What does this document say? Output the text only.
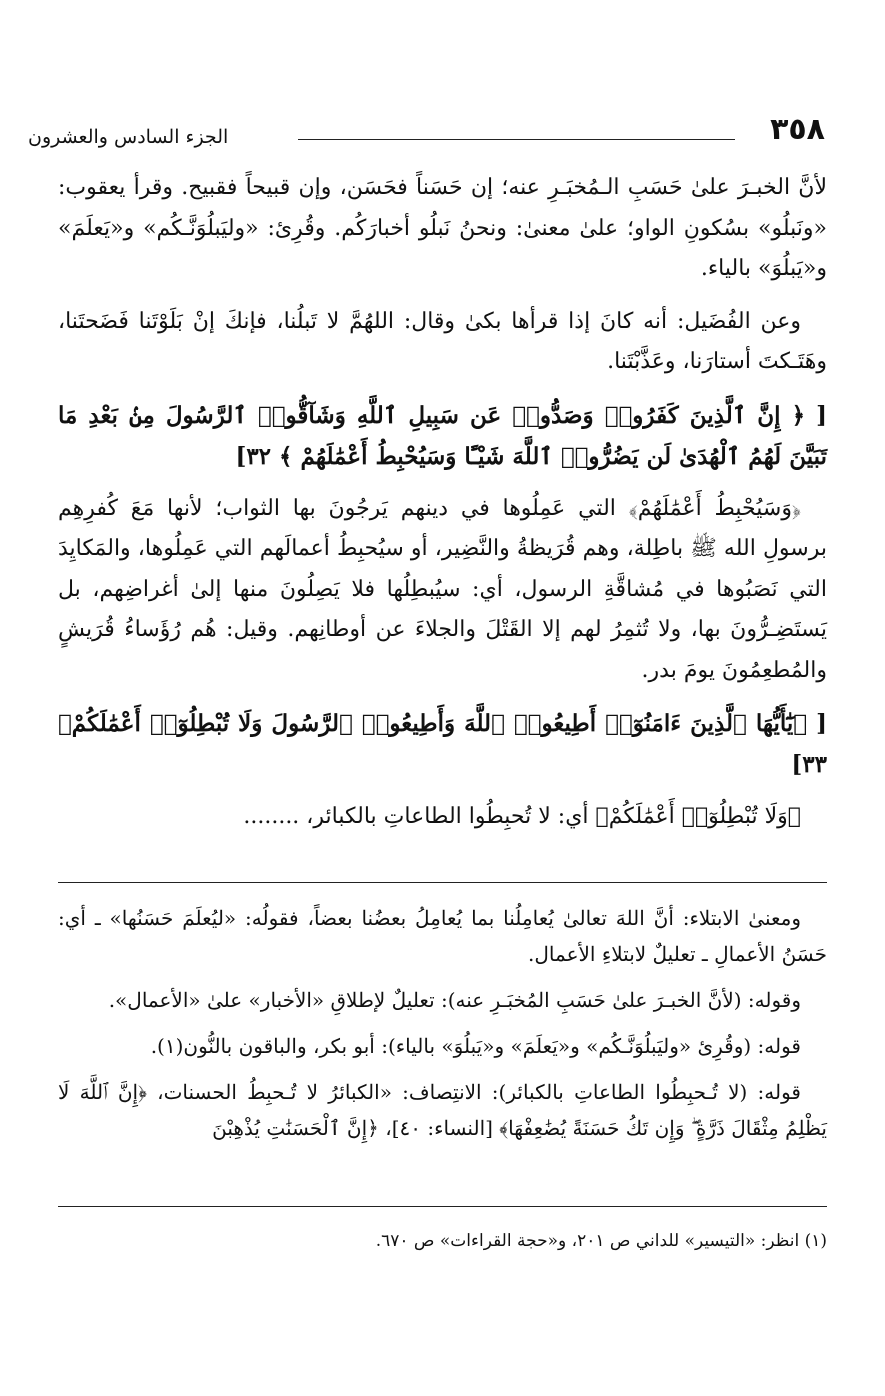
٣٥٨
الجزء السادس والعشرون

لأنَّ الخبـرَ علىٰ حَسَبِ الـمُخبَـرِ عنه؛ إن حَسَناً فحَسَن، وإن قبيحاً فقبيح. وقرأ يعقوب: «ونَبلُو» بسُكونِ الواو؛ علىٰ معنىٰ: ونحنُ نَبلُو أخبارَكُم. وقُرِئ: «وليَبلُوَنَّـكُم» و«يَعلَمَ» و«يَبلُوَ» بالياء.

وعن الفُضَيل: أنه كانَ إذا قرأها بكىٰ وقال: اللهُمَّ لا تَبلُنا، فإنكَ إنْ بَلَوْتَنا فَضَحتَنا، وهَتَـكتَ أستارَنا، وعَذَّبْتَنا.

[ ﴿ إِنَّ ٱلَّذِينَ كَفَرُوا۟ وَصَدُّوا۟ عَن سَبِيلِ ٱللَّهِ وَشَآقُّوا۟ ٱلرَّسُولَ مِنۢ بَعْدِ مَا تَبَيَّنَ لَهُمُ ٱلْهُدَىٰ لَن يَضُرُّوا۟ ٱللَّهَ شَيْـًٔا وَسَيُحْبِطُ أَعْمَٰلَهُمْ ﴾ ٣٢]

﴿وَسَيُحْبِطُ أَعْمَٰلَهُمْ﴾ التي عَمِلُوها في دينهم يَرجُونَ بها الثواب؛ لأنها مَعَ كُفرِهِم برسولِ الله ﷺ باطِلة، وهم قُرَيظةُ والنَّضِير، أو سيُحبِطُ أعمالَهم التي عَمِلُوها، والمَكايِدَ التي نَصَبُوها في مُشاقَّةِ الرسول، أي: سيُبطِلُها فلا يَصِلُونَ منها إلىٰ أغراضِهم، بل يَستَضِـرُّونَ بها، ولا تُثمِرُ لهم إلا القَتْلَ والجلاءَ عن أوطانِهم. وقيل: هُم رُؤَساءُ قُرَيشٍ والمُطعِمُونَ يومَ بدر.

[ ﴿يَٰٓأَيُّهَا ٱلَّذِينَ ءَامَنُوٓا۟ أَطِيعُوا۟ ٱللَّهَ وَأَطِيعُوا۟ ٱلرَّسُولَ وَلَا تُبْطِلُوٓا۟ أَعْمَٰلَكُمْ﴾ ٣٣]

﴿وَلَا تُبْطِلُوٓا۟ أَعْمَٰلَكُمْ﴾ أي: لا تُحبِطُوا الطاعاتِ بالكبائر، ........

ومعنىٰ الابتلاء: أنَّ اللهَ تعالىٰ يُعامِلُنا بما يُعامِلُ بعضُنا بعضاً، فقولُه: «ليُعلَمَ حَسَنُها» ـ أي: حَسَنُ الأعمالِ ـ تعليلٌ لابتلاءِ الأعمال.

وقوله: (لأنَّ الخبـرَ علىٰ حَسَبِ المُخبَـرِ عنه): تعليلٌ لإطلاقِ «الأخبار» علىٰ «الأعمال».

قوله: (وقُرِئ «وليَبلُوَنَّـكُم» و«يَعلَمَ» و«يَبلُوَ» بالياء): أبو بكر، والباقون بالنُّون(١).

قوله: (لا تُـحبِطُوا الطاعاتِ بالكبائر): الانتِصاف: «الكبائرُ لا تُـحبِطُ الحسنات، ﴿إِنَّ ٱللَّهَ لَا يَظْلِمُ مِثْقَالَ ذَرَّةٍ ۖ وَإِن تَكُ حَسَنَةً يُضَٰعِفْهَا﴾ [النساء: ٤٠]، ﴿إِنَّ ٱلْحَسَنَٰتِ يُذْهِبْنَ

(١) انظر: «التيسير» للداني ص ٢٠١، و«حجة القراءات» ص ٦٧٠.
